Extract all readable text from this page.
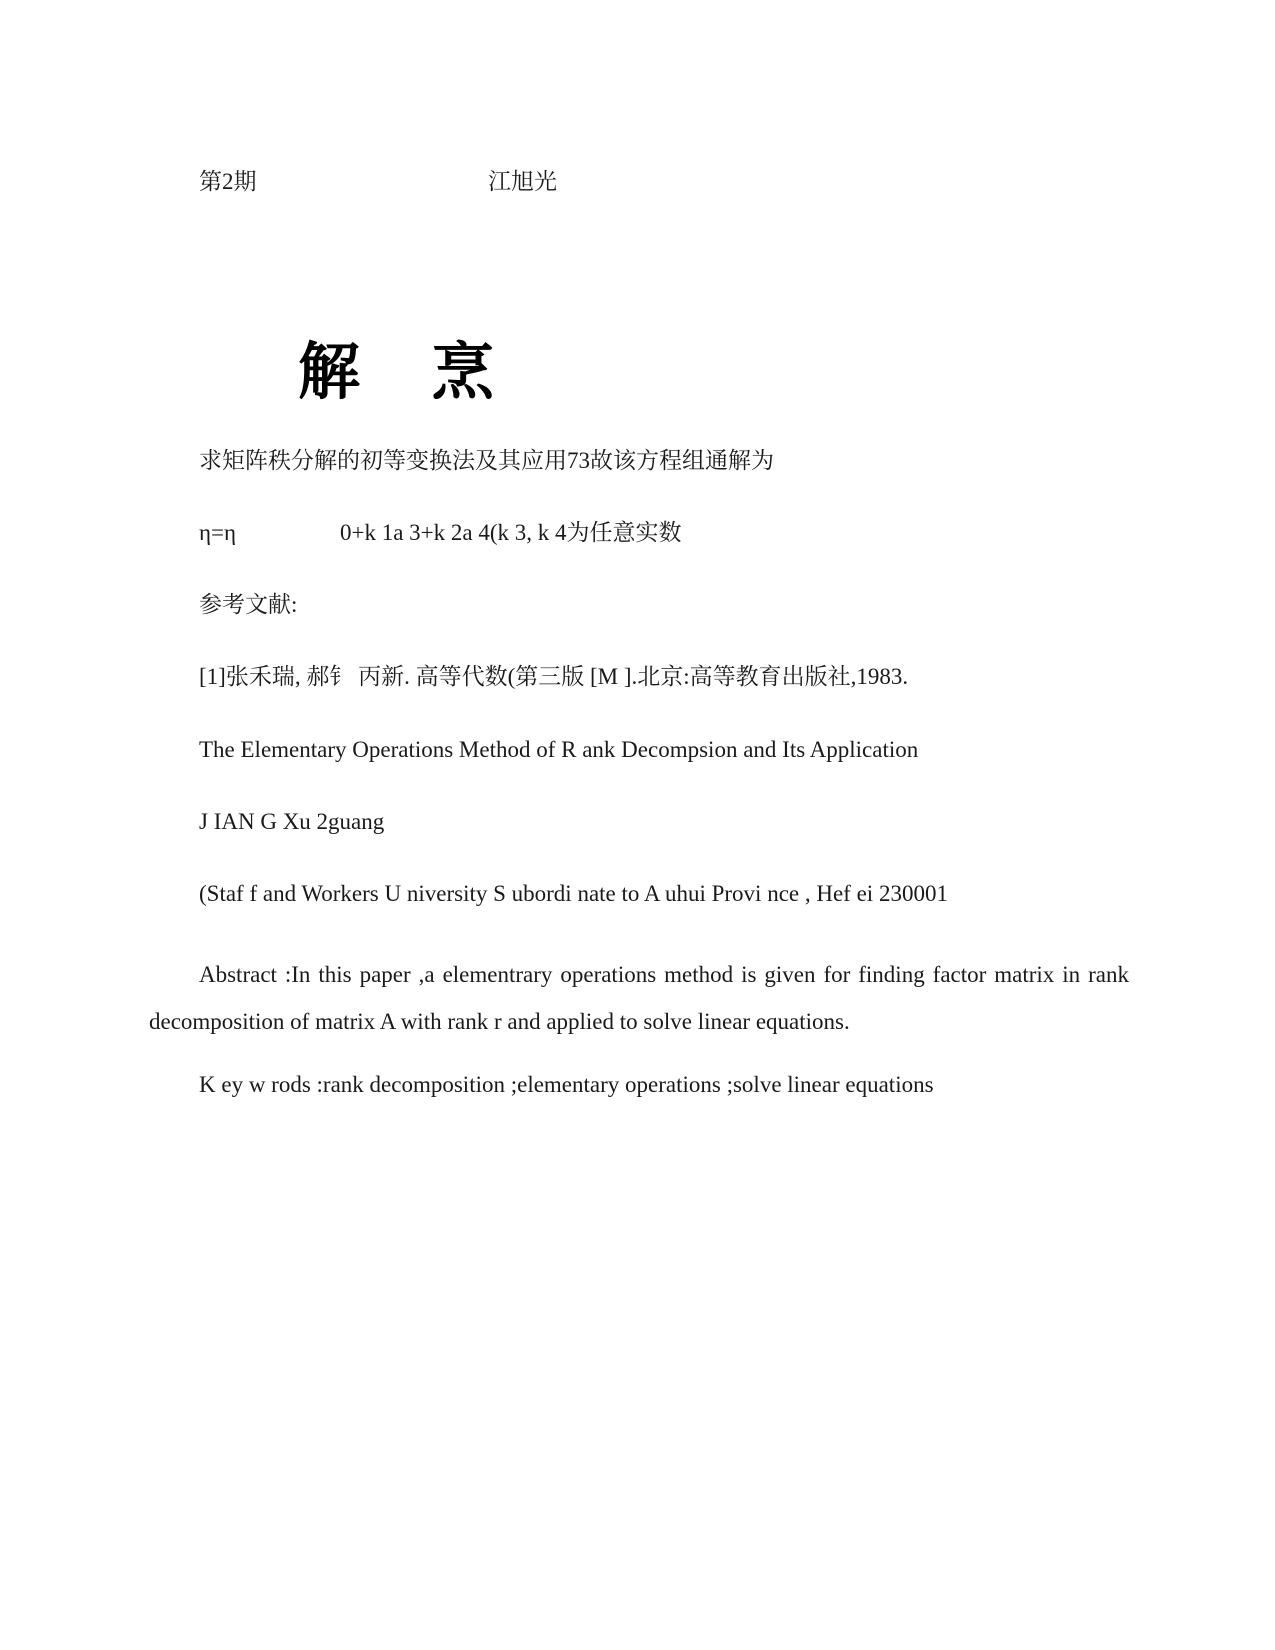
第2期	江旭光
解 烹
求矩阵秩分解的初等变换法及其应用73故该方程组通解为
η=η	0+k 1a 3+k 2a 4(k 3, k 4为任意实数
参考文献:
[1]张禾瑞, 郝钅 丙新. 高等代数(第三版 [M ].北京:高等教育出版社,1983.
The Elementary Operations Method of R ank Decompsion and Its Application
J IAN G Xu 2guang
(Staf f and Workers U niversity S ubordi nate to A uhui Provi nce , Hef ei 230001
Abstract :In this paper ,a elementrary operations method is given for finding factor matrix in rank decomposition of matrix A with rank r and applied to solve linear equations.
K ey w rods :rank decomposition ;elementary operations ;solve linear equations
